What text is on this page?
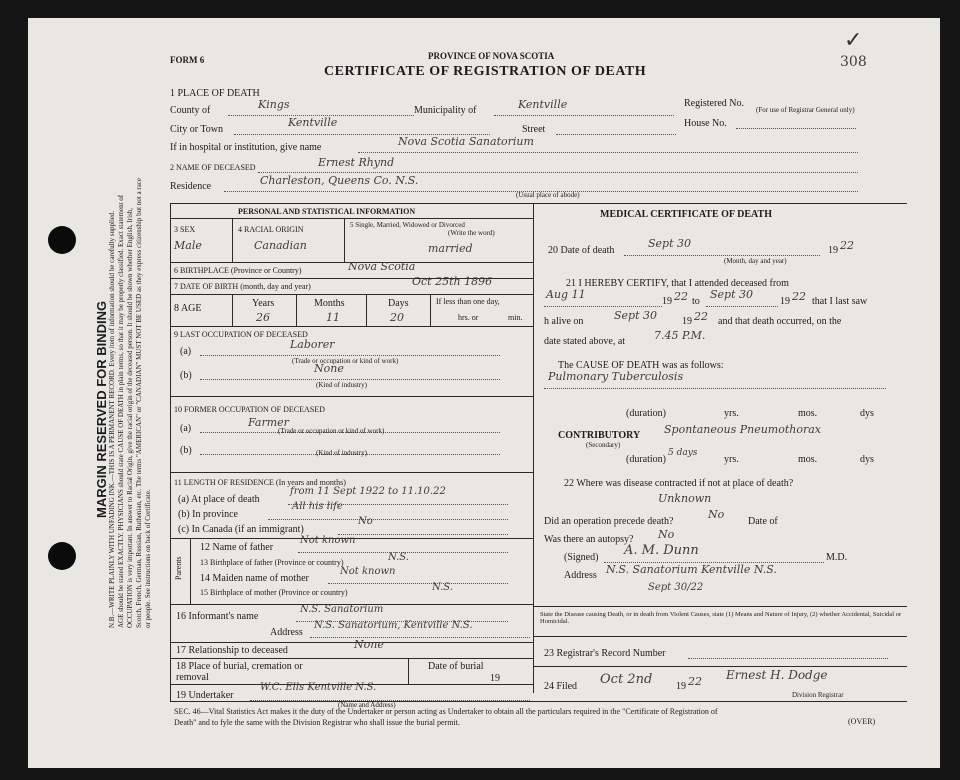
MARGIN RESERVED FOR BINDING N.B.—WRITE PLAINLY WITH UNFADING INK.—THIS IS A PERMANENT RECORD. Every item of information should be carefully supplied. AGE should be stated EXACTLY. PHYSICIANS should state CAUSE OF DEATH in plain terms, so that it may be properly classified. Exact statement of OCCUPATION is very important. In answer to Racial Origin, give the racial origin of the deceased person. It should be shown whether English, Irish, Scotch, French, German, Russian, Ruthenian, etc. The terms "AMERICAN" or "CANADIAN" MUST NOT BE USED as they express citizenship but not a race or people. See instructions on back of Certificate.
FORM 6	PROVINCE OF NOVA SCOTIA
CERTIFICATE OF REGISTRATION OF DEATH
308
✓
1 PLACE OF DEATH
County of	Kings	Municipality of	Kentville	Registered No.
(For use of Registrar General only)
City or Town
Kentville
Street
House No.
If in hospital or institution, give name	Nova Scotia Sanatorium
2 NAME OF DECEASED	Ernest Rhynd
Residence	Charleston, Queens Co. N.S.
(Usual place of abode)
PERSONAL AND STATISTICAL INFORMATION
3 SEX
Male
4 RACIAL ORIGIN
Canadian
5 Single, Married, Widowed or Divorced
(Write the word)
married
6 BIRTHPLACE (Province or Country)	Nova Scotia
7 DATE OF BIRTH (month, day and year)	Oct 25th 1896
8 AGE	Years
26
Months
11
Days
20
If less than one day,
hrs. or	min.
9 LAST OCCUPATION OF DECEASED
(a)
Laborer
(Trade or occupation or kind of work)
(b)
None
(Kind of industry)
10 FORMER OCCUPATION OF DECEASED
(a)	Farmer
(Trade or occupation or kind of work)
(b)	(Kind of industry)
11 LENGTH OF RESIDENCE (In years and months)
(a) At place of death
from 11 Sept 1922 to 11.10.22
(b) In province
All his life
(c) In Canada (if an immigrant)
No
Parents
12 Name of father
Not known
13 Birthplace of father (Province or country)	N.S.
14 Maiden name of mother
Not known
15 Birthplace of mother (Province or country)	N.S.
16 Informant's name
N.S. Sanatorium
Address
N.S. Sanatorium, Kentville N.S.
17 Relationship to deceased	None
18 Place of burial, cremation or removal
Date of burial
19
19 Undertaker
W.C. Ells Kentville N.S.
(Name and Address)
MEDICAL CERTIFICATE OF DEATH
20 Date of death
Sept 30
19 22
(Month, day and year)
21 I HEREBY CERTIFY, that I attended deceased from
Aug 11
19 22 to
Sept 30
19 22 that I last saw
h alive on	Sept 30 19 22 and that death occurred, on the
date stated above, at	7.45 P.M.
The CAUSE OF DEATH was as follows:
Pulmonary Tuberculosis
(duration)	yrs.	mos.	dys
CONTRIBUTORY
(Secondary)
Spontaneous Pneumothorax
(duration)
5 days
yrs.	mos.	dys
22 Where was disease contracted if not at place of death?
Unknown
Did an operation precede death?
No
Date of
Was there an autopsy? No
(Signed) A. M. Dunn	M.D.
Address N.S. Sanatorium Kentville N.S.
Sept 30/22
State the Disease causing Death, or in death from Violent Causes, state (1) Means and Nature of Injury, (2) whether Accidental, Suicidal or Homicidal.
23 Registrar's Record Number
24 Filed Oct 2nd 19 22 Ernest H. Dodge
Division Registrar
SEC. 46—Vital Statistics Act makes it the duty of the Undertaker or person acting as Undertaker to obtain all the particulars required in the "Certificate of Registration of
Death" and to fyle the same with the Division Registrar who shall issue the burial permit.	(OVER)
